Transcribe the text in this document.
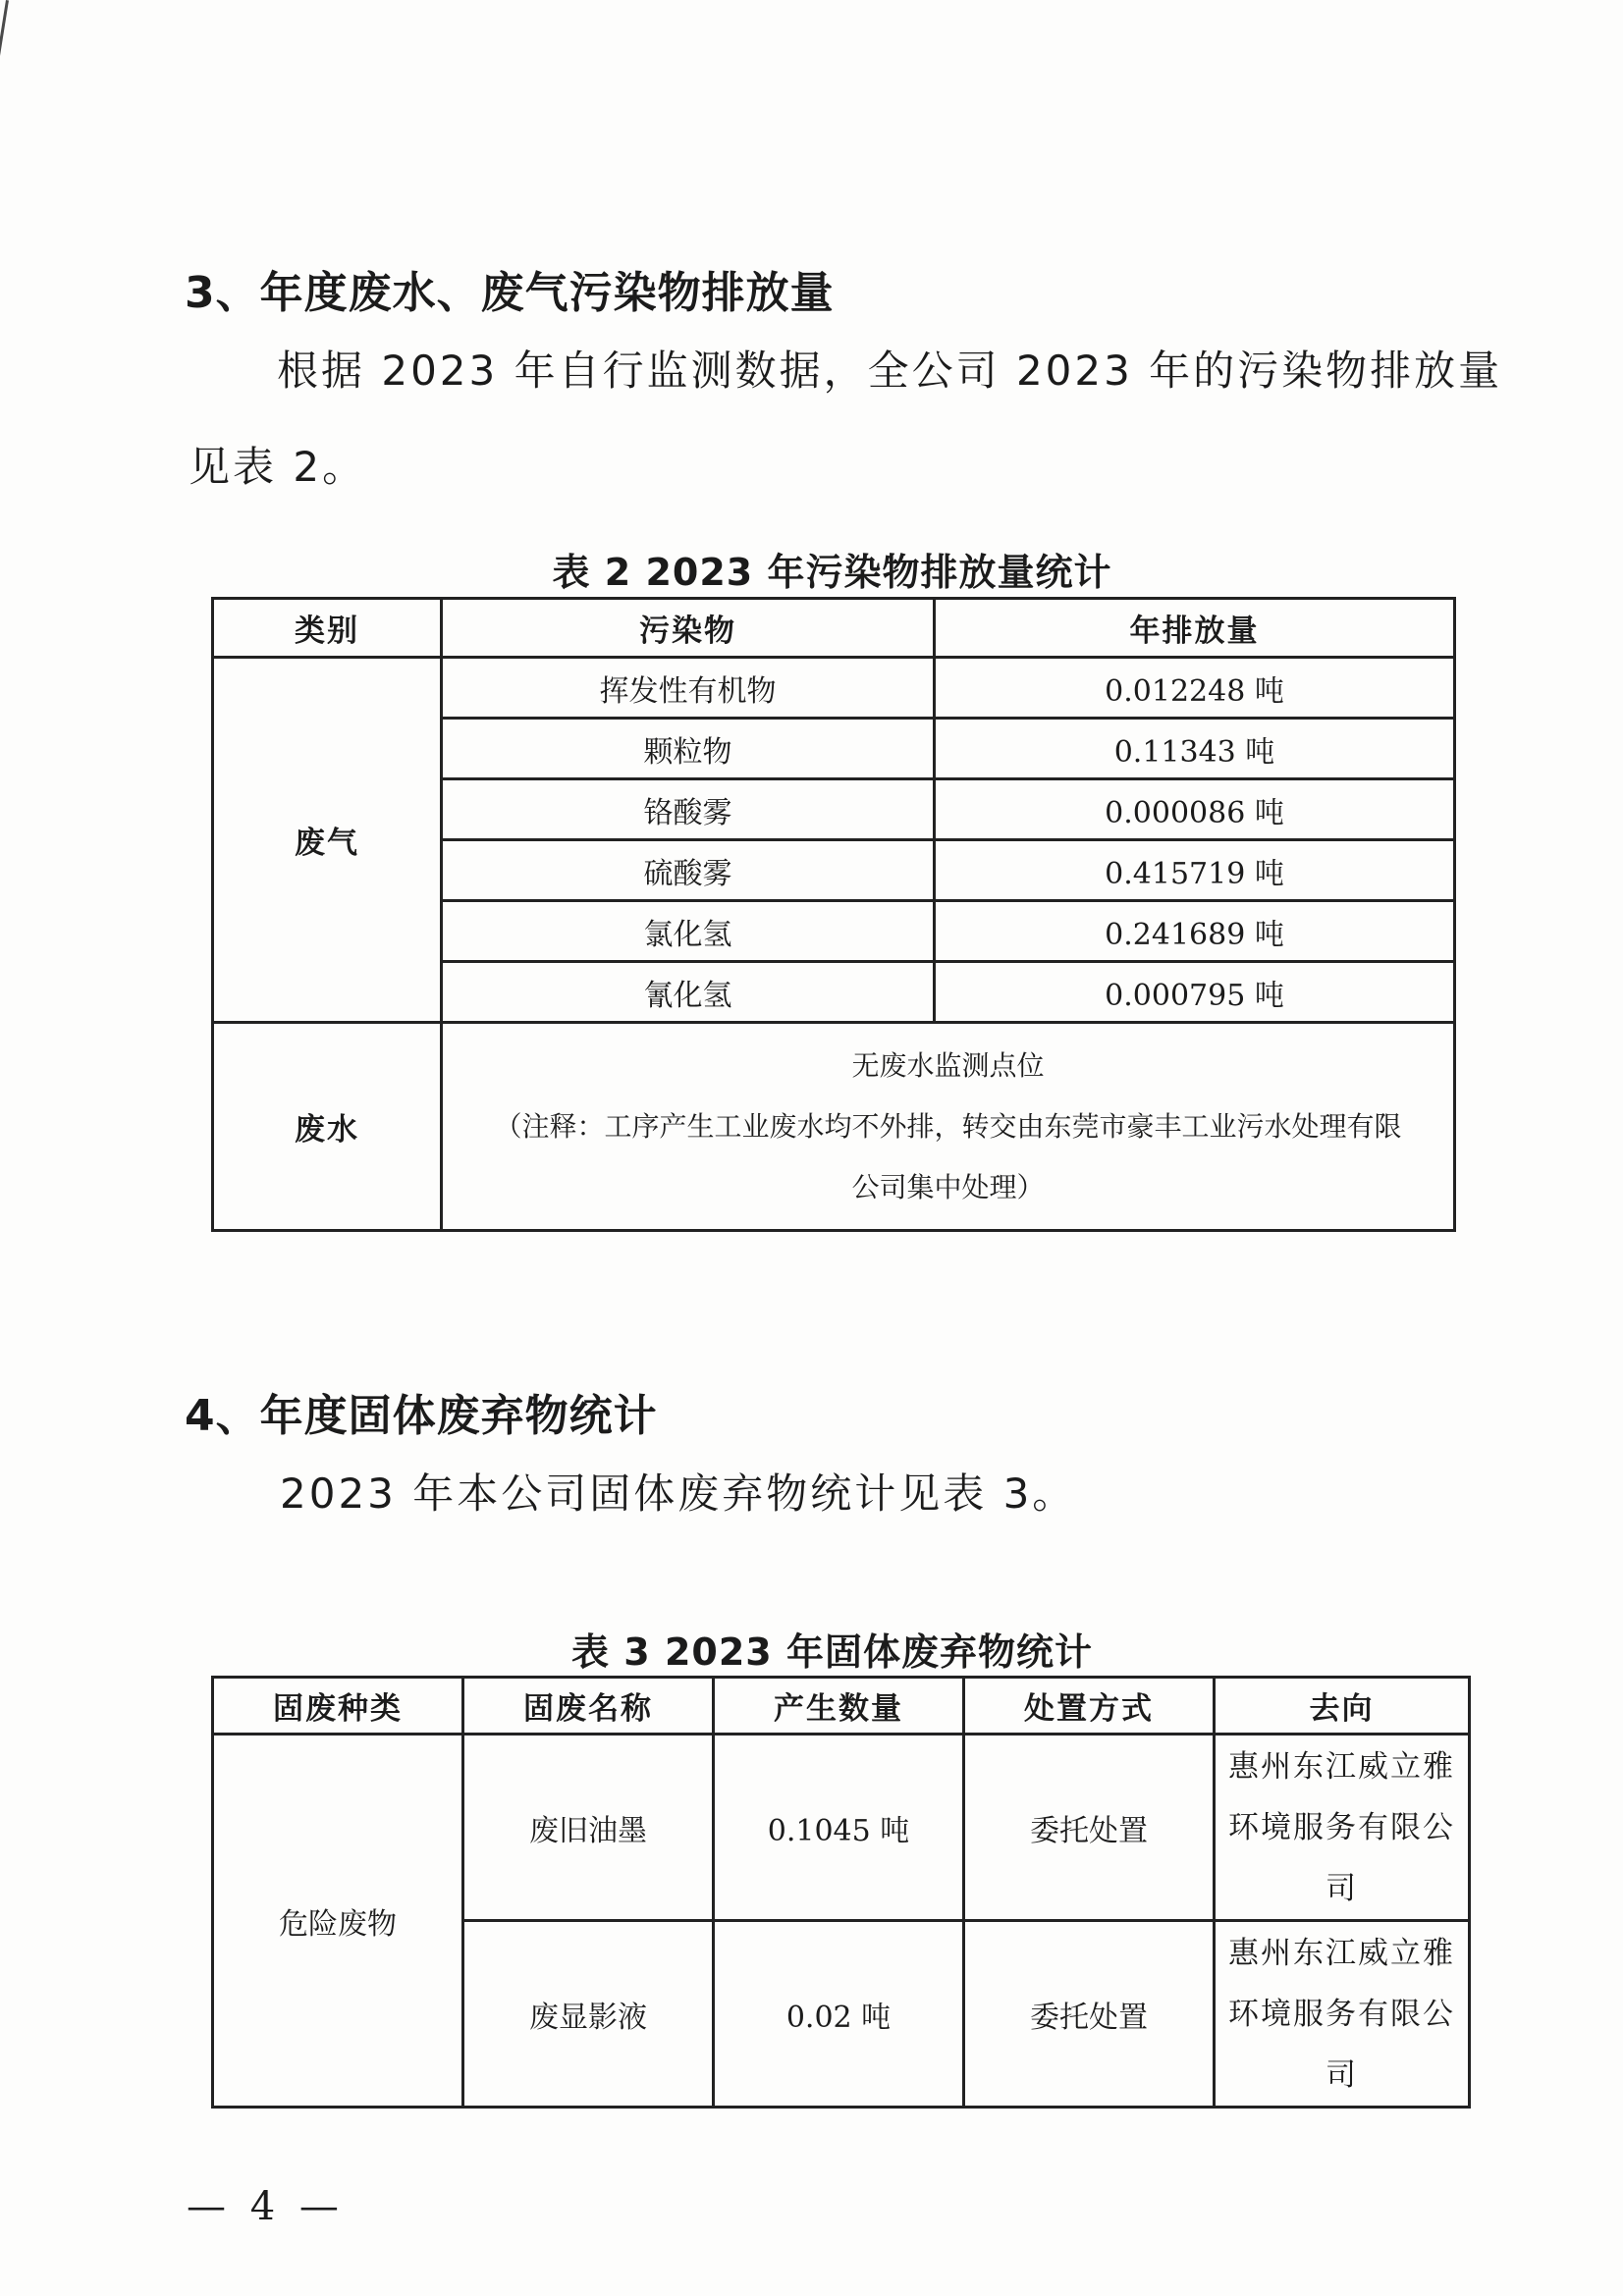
3、年度废水、废气污染物排放量
根据 2023 年自行监测数据，全公司 2023 年的污染物排放量
见表 2。
表 2 2023 年污染物排放量统计
类别	污染物	年排放量
废气	挥发性有机物	0.012248 吨
	颗粒物	0.11343 吨
	铬酸雾	0.000086 吨
	硫酸雾	0.415719 吨
	氯化氢	0.241689 吨
	氰化氢	0.000795 吨
废水	无废水监测点位
（注释：工序产生工业废水均不外排，转交由东莞市豪丰工业污水处理有限
公司集中处理）	
4、年度固体废弃物统计
2023 年本公司固体废弃物统计见表 3。
表 3 2023 年固体废弃物统计
固废种类	固废名称	产生数量	处置方式	去向
危险废物	废旧油墨	0.1045 吨	委托处置	惠州东江威立雅
环境服务有限公
司

	废显影液	0.02 吨	委托处置	惠州东江威立雅
环境服务有限公
司
— 4 —
